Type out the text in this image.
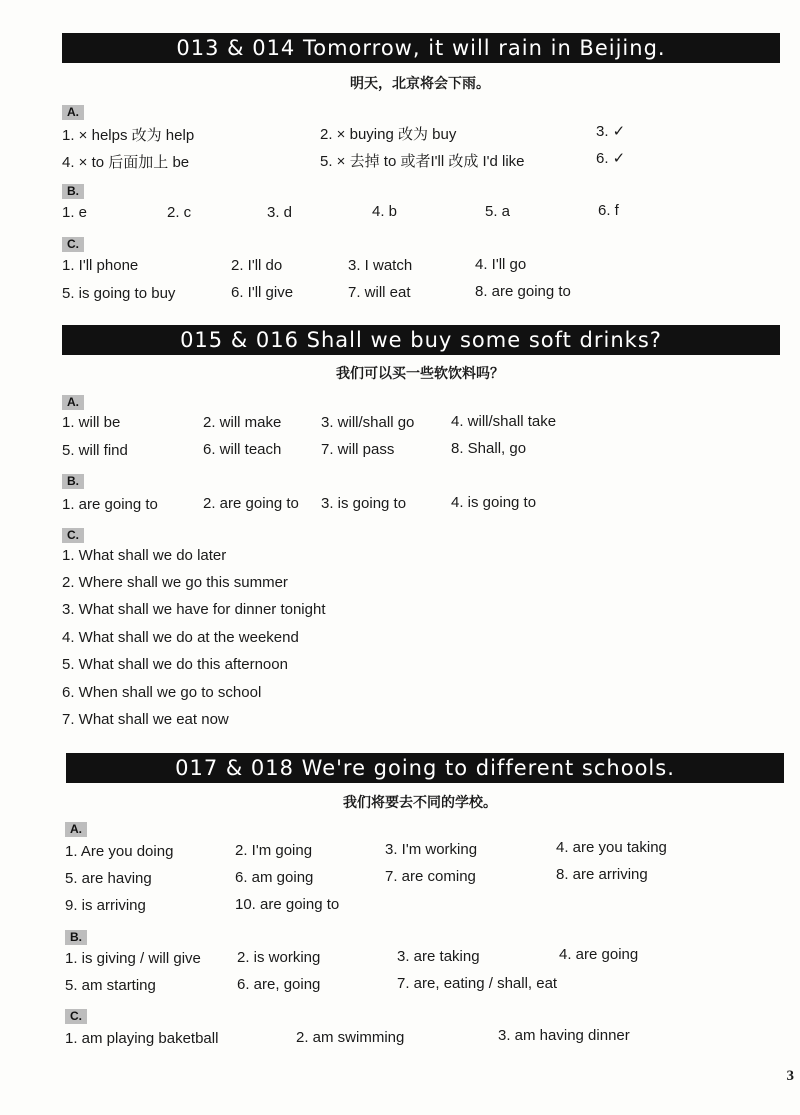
013 & 014 Tomorrow, it will rain in Beijing.
明天，北京将会下雨。
A.
1. × helps 改为 help	2. × buying 改为 buy	3. ✓
4. × to 后面加上 be	5. × 去掉 to 或者I'll 改成 I'd like	6. ✓
B.
1. e	2. c	3. d	4. b	5. a	6. f
C.
1. I'll phone	2. I'll do	3. I watch	4. I'll go
5. is going to buy	6. I'll give	7. will eat	8. are going to
015 & 016 Shall we buy some soft drinks?
我们可以买一些软饮料吗？
A.
1. will be	2. will make	3. will/shall go 4. will/shall take
5. will find	6. will teach	7. will pass	8. Shall, go
B.
1. are going to	2. are going to 3. is going to	4. is going to
C.
1. What shall we do later
2. Where shall we go this summer
3. What shall we have for dinner tonight
4. What shall we do at the weekend
5. What shall we do this afternoon
6. When shall we go to school
7. What shall we eat now
017 & 018 We're going to different schools.
我们将要去不同的学校。
A.
1. Are you doing	2. I'm going	3. I'm working	4. are you taking
5. are having	6. am going	7. are coming	8. are arriving
9. is arriving	10. are going to
B.
1. is giving / will give 2. is working	3. are taking	4. are going
5. am starting	6. are, going	7. are, eating / shall, eat
C.
1. am playing baketball	2. am swimming	3. am having dinner
3
